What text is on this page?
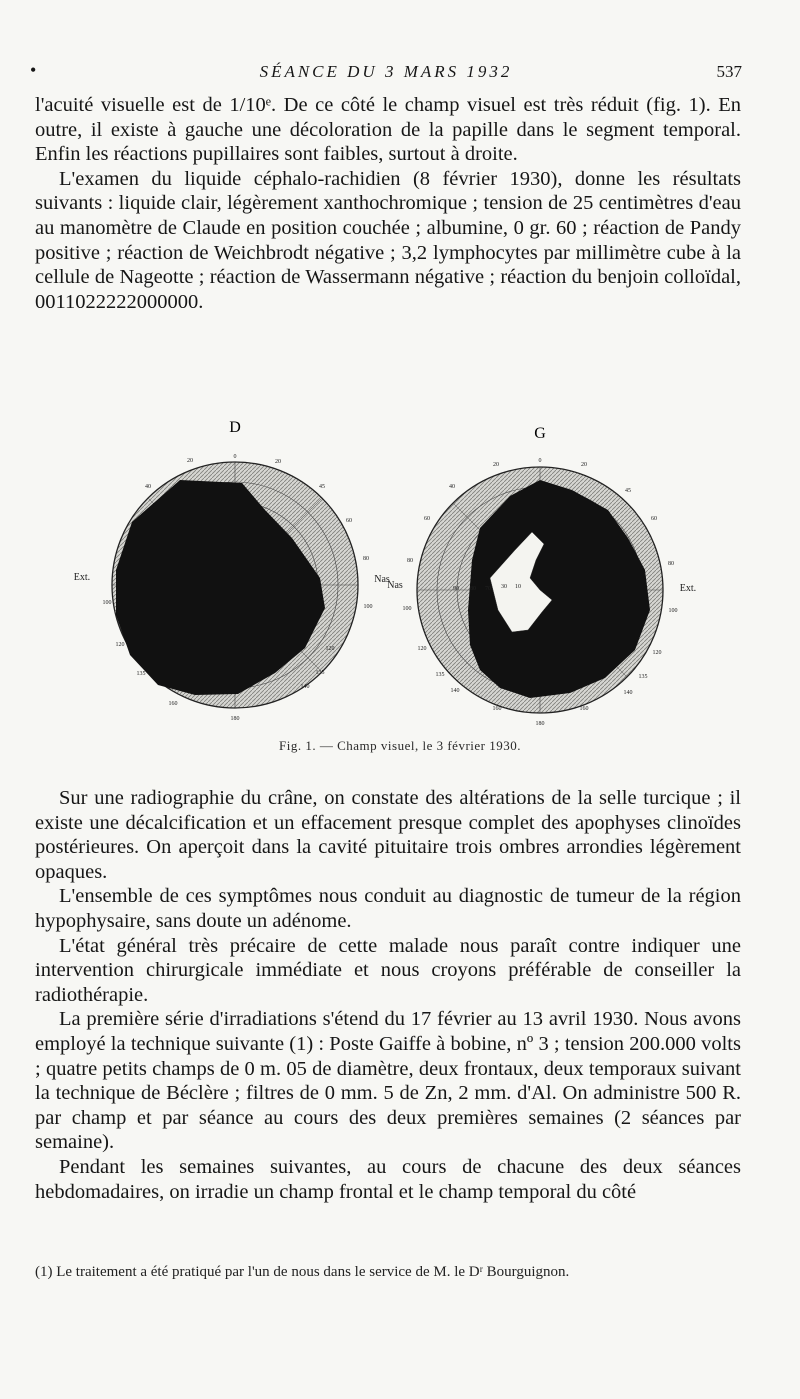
•	SÉANCE DU 3 MARS 1932	537

l'acuité visuelle est de 1/10ᵉ. De ce côté le champ visuel est très réduit (fig. 1). En outre, il existe à gauche une décoloration de la papille dans le segment temporal. Enfin les réactions pupillaires sont faibles, surtout à droite.

L'examen du liquide céphalo-rachidien (8 février 1930), donne les résultats suivants : liquide clair, légèrement xanthochromique ; tension de 25 centimètres d'eau au manomètre de Claude en position couchée ; albumine, 0 gr. 60 ; réaction de Pandy positive ; réaction de Weichbrodt négative ; 3,2 lymphocytes par millimètre cube à la cellule de Nageotte ; réaction de Wassermann négative ; réaction du benjoin colloïdal, 0011022222000000.

D
0
20
45
60
80
100
120
135
140
160
180
100
120
135
40
20
Ext.	Nas
G
0
20	20
40
45
60	60
80	80
100	100
120
120
135	135
140	140
160	160
180
30 10
90 80 70
Nas	Ext.
Fig. 1. — Champ visuel, le 3 février 1930.

Sur une radiographie du crâne, on constate des altérations de la selle turcique ; il existe une décalcification et un effacement presque complet des apophyses clinoïdes postérieures. On aperçoit dans la cavité pituitaire trois ombres arrondies légèrement opaques.

L'ensemble de ces symptômes nous conduit au diagnostic de tumeur de la région hypophysaire, sans doute un adénome.

L'état général très précaire de cette malade nous paraît contre indiquer une intervention chirurgicale immédiate et nous croyons préférable de conseiller la radiothérapie.

La première série d'irradiations s'étend du 17 février au 13 avril 1930. Nous avons employé la technique suivante (1) : Poste Gaiffe à bobine, nº 3 ; tension 200.000 volts ; quatre petits champs de 0 m. 05 de diamètre, deux frontaux, deux temporaux suivant la technique de Béclère ; filtres de 0 mm. 5 de Zn, 2 mm. d'Al. On administre 500 R. par champ et par séance au cours des deux premières semaines (2 séances par semaine).

Pendant les semaines suivantes, au cours de chacune des deux séances hebdomadaires, on irradie un champ frontal et le champ temporal du côté

(1) Le traitement a été pratiqué par l'un de nous dans le service de M. le Dʳ Bourguignon.
